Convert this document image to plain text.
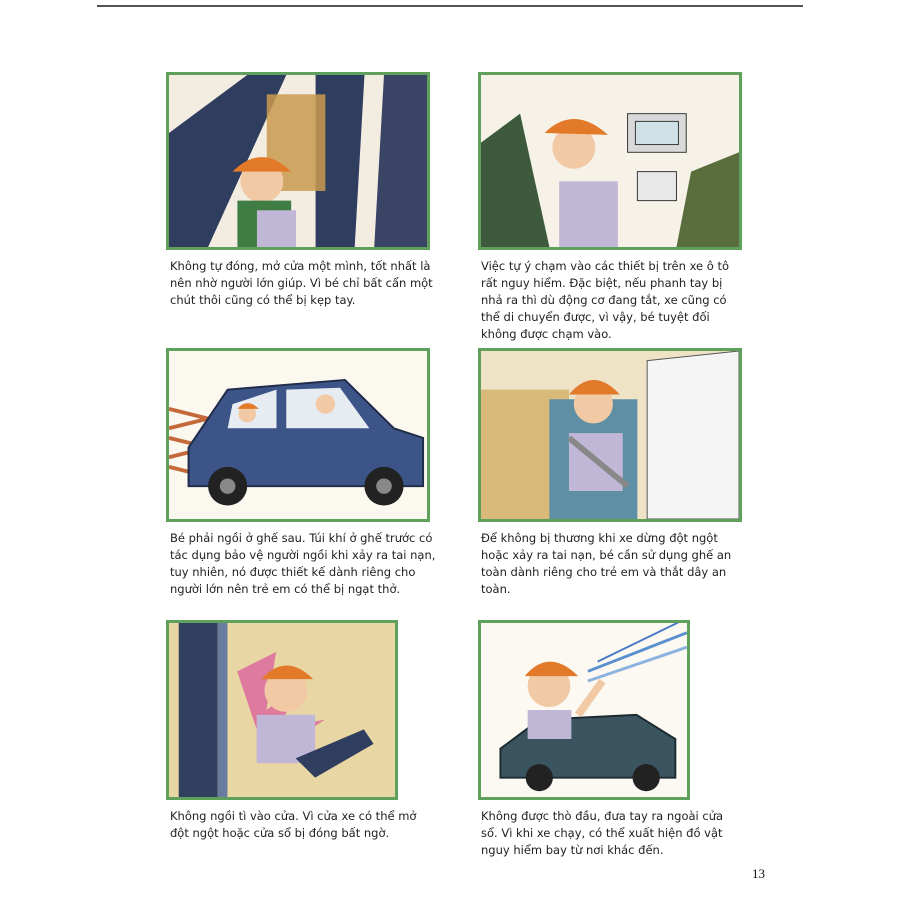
Không tự đóng, mở cửa một mình, tốt nhất là nên nhờ người lớn giúp. Vì bé chỉ bất cẩn một chút thôi cũng có thể bị kẹp tay.

Việc tự ý chạm vào các thiết bị trên xe ô tô rất nguy hiểm. Đặc biệt, nếu phanh tay bị nhả ra thì dù động cơ đang tắt, xe cũng có thể di chuyển được, vì vậy, bé tuyệt đối không được chạm vào.

Bé phải ngồi ở ghế sau. Túi khí ở ghế trước có tác dụng bảo vệ người ngồi khi xảy ra tai nạn, tuy nhiên, nó được thiết kế dành riêng cho người lớn nên trẻ em có thể bị ngạt thở.

Để không bị thương khi xe dừng đột ngột hoặc xảy ra tai nạn, bé cần sử dụng ghế an toàn dành riêng cho trẻ em và thắt dây an toàn.

Không ngồi tì vào cửa. Vì cửa xe có thể mở đột ngột hoặc cửa sổ bị đóng bất ngờ.

Không được thò đầu, đưa tay ra ngoài cửa sổ. Vì khi xe chạy, có thể xuất hiện đồ vật nguy hiểm bay từ nơi khác đến.

13
